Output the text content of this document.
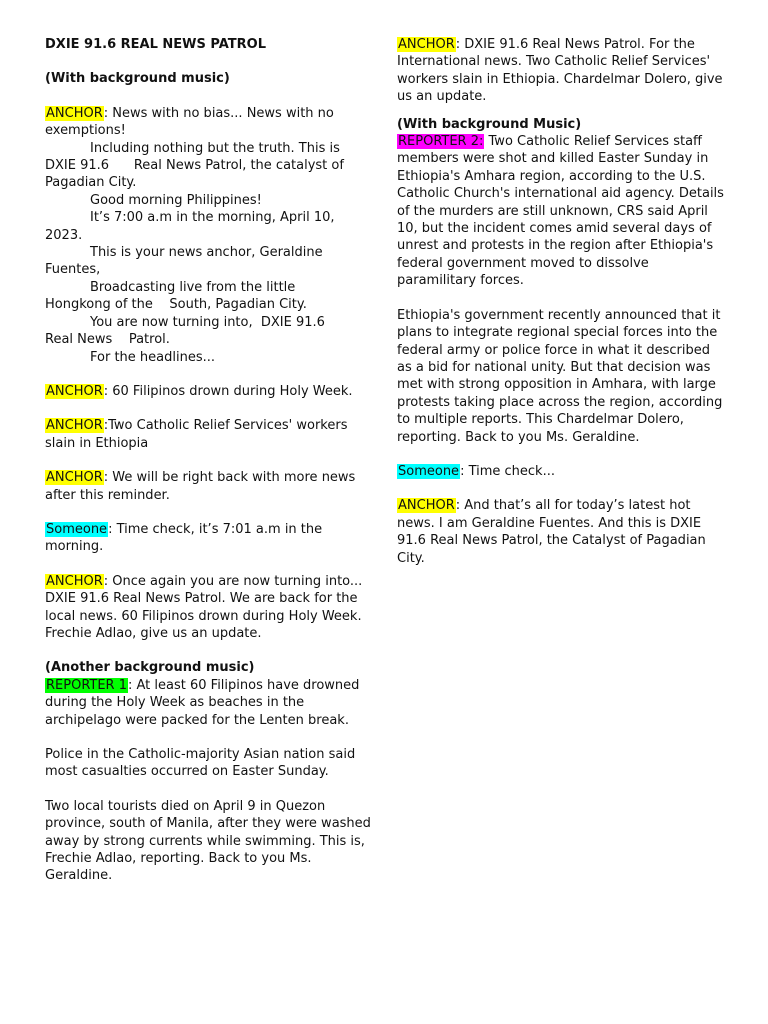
DXIE 91.6 REAL NEWS PATROL

(With background music)

ANCHOR: News with no bias... News with no exemptions!

Including nothing but the truth. This is

DXIE 91.6      Real News Patrol, the catalyst of Pagadian City.

Good morning Philippines!

It’s 7:00 a.m in the morning, April 10,

2023.

This is your news anchor, Geraldine

Fuentes,

Broadcasting live from the little

Hongkong of the    South, Pagadian City.

You are now turning into,  DXIE 91.6

Real News    Patrol.

For the headlines...

ANCHOR: 60 Filipinos drown during Holy Week.

ANCHOR:Two Catholic Relief Services' workers slain in Ethiopia

ANCHOR: We will be right back with more news after this reminder.

Someone: Time check, it’s 7:01 a.m in the morning.

ANCHOR: Once again you are now turning into... DXIE 91.6 Real News Patrol. We are back for the local news. 60 Filipinos drown during Holy Week. Frechie Adlao, give us an update.

(Another background music)

REPORTER 1: At least 60 Filipinos have drowned during the Holy Week as beaches in the archipelago were packed for the Lenten break.

Police in the Catholic-majority Asian nation said most casualties occurred on Easter Sunday.

Two local tourists died on April 9 in Quezon province, south of Manila, after they were washed away by strong currents while swimming. This is, Frechie Adlao, reporting. Back to you Ms. Geraldine.

ANCHOR: DXIE 91.6 Real News Patrol. For the International news. Two Catholic Relief Services' workers slain in Ethiopia. Chardelmar Dolero, give us an update.

(With background Music)

REPORTER 2: Two Catholic Relief Services staff members were shot and killed Easter Sunday in Ethiopia's Amhara region, according to the U.S. Catholic Church's international aid agency. Details of the murders are still unknown, CRS said April 10, but the incident comes amid several days of unrest and protests in the region after Ethiopia's federal government moved to dissolve paramilitary forces.

Ethiopia's government recently announced that it plans to integrate regional special forces into the federal army or police force in what it described as a bid for national unity. But that decision was met with strong opposition in Amhara, with large protests taking place across the region, according to multiple reports. This Chardelmar Dolero, reporting. Back to you Ms. Geraldine.

Someone: Time check...

ANCHOR: And that’s all for today’s latest hot news. I am Geraldine Fuentes. And this is DXIE 91.6 Real News Patrol, the Catalyst of Pagadian City.
